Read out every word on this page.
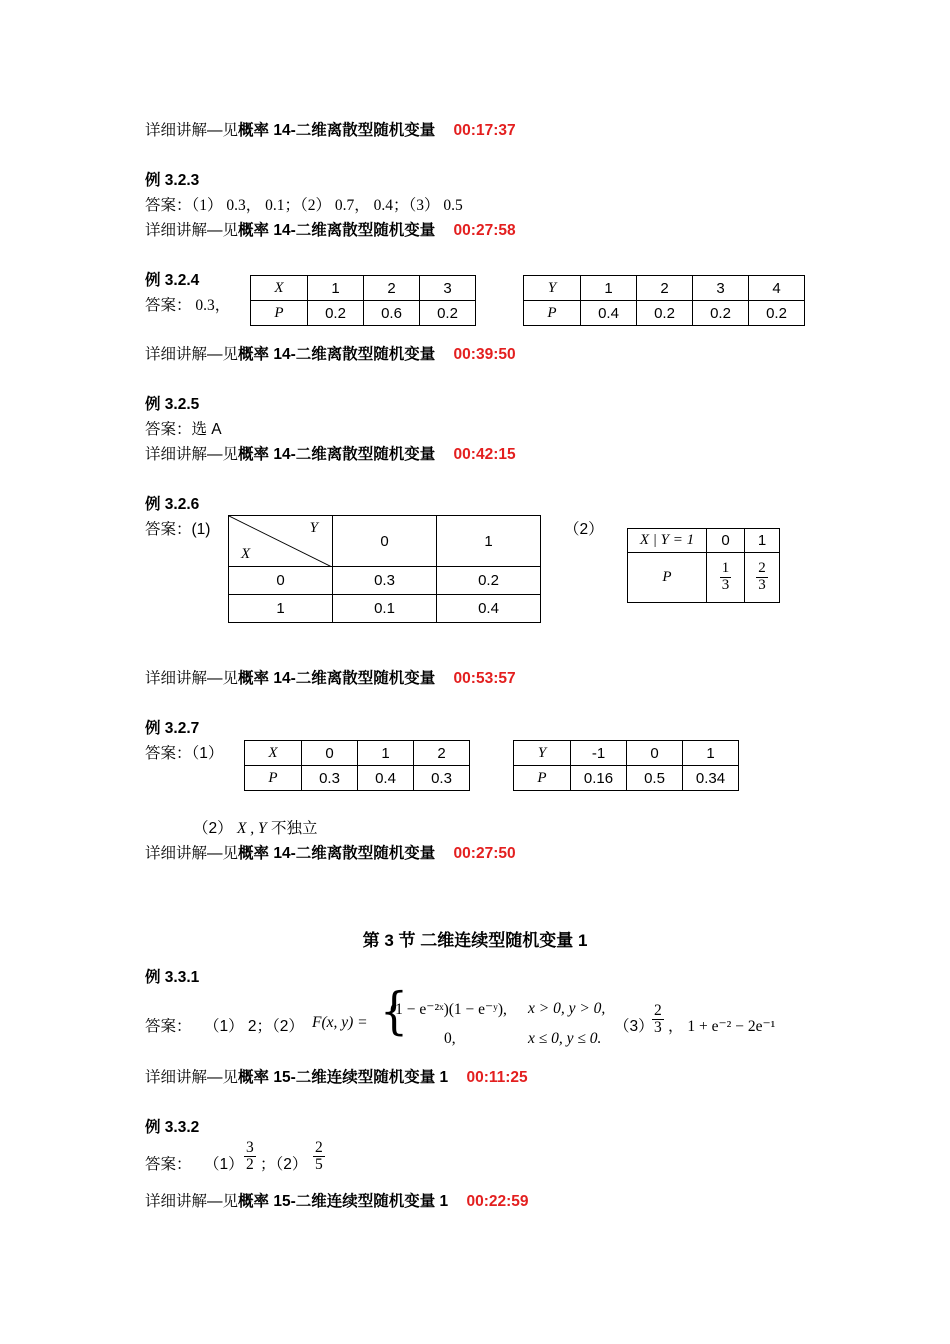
详细讲解—见概率 14-二维离散型随机变量 00:17:37
例 3.2.3
答案：（1） 0.3， 0.1；（2） 0.7， 0.4；（3） 0.5
详细讲解—见概率 14-二维离散型随机变量 00:27:58
例 3.2.4
答案： 0.3，
X	1	2	3
P	0.2	0.6	0.2
Y	1	2	3	4
P	0.4	0.2	0.2	0.2
详细讲解—见概率 14-二维离散型随机变量 00:39:50
例 3.2.5
答案：选 A
详细讲解—见概率 14-二维离散型随机变量 00:42:15
例 3.2.6
答案：(1)	Y
X	0	1
0	0.3	0.2
1	0.1	0.4
（2）
X | Y = 1	0	1
P	$\frac{1}{3}$	$\frac{2}{3}$
详细讲解—见概率 14-二维离散型随机变量 00:53:57
例 3.2.7
答案：（1）	X	0	1	2
P	0.3	0.4	0.3
Y	-1	0	1
P	0.16	0.5	0.34
（2） X , Y 不独立
详细讲解—见概率 14-二维离散型随机变量 00:27:50
第 3 节 二维连续型随机变量 1
例 3.3.1
答案： （1） 2；（2） F(x, y) = {
(1 − e⁻²ˣ)(1 − e⁻ʸ), x > 0, y > 0,
0,	x ≤ 0, y ≤ 0.
（3）
$\frac{2}{3}$ ， 1 + e⁻² − 2e⁻¹
详细讲解—见概率 15-二维连续型随机变量 1 00:11:25
例 3.3.2
答案： $(1) \frac{3}{2}$ ；$(2) \frac{2}{5}$
详细讲解—见概率 15-二维连续型随机变量 1 00:22:59
